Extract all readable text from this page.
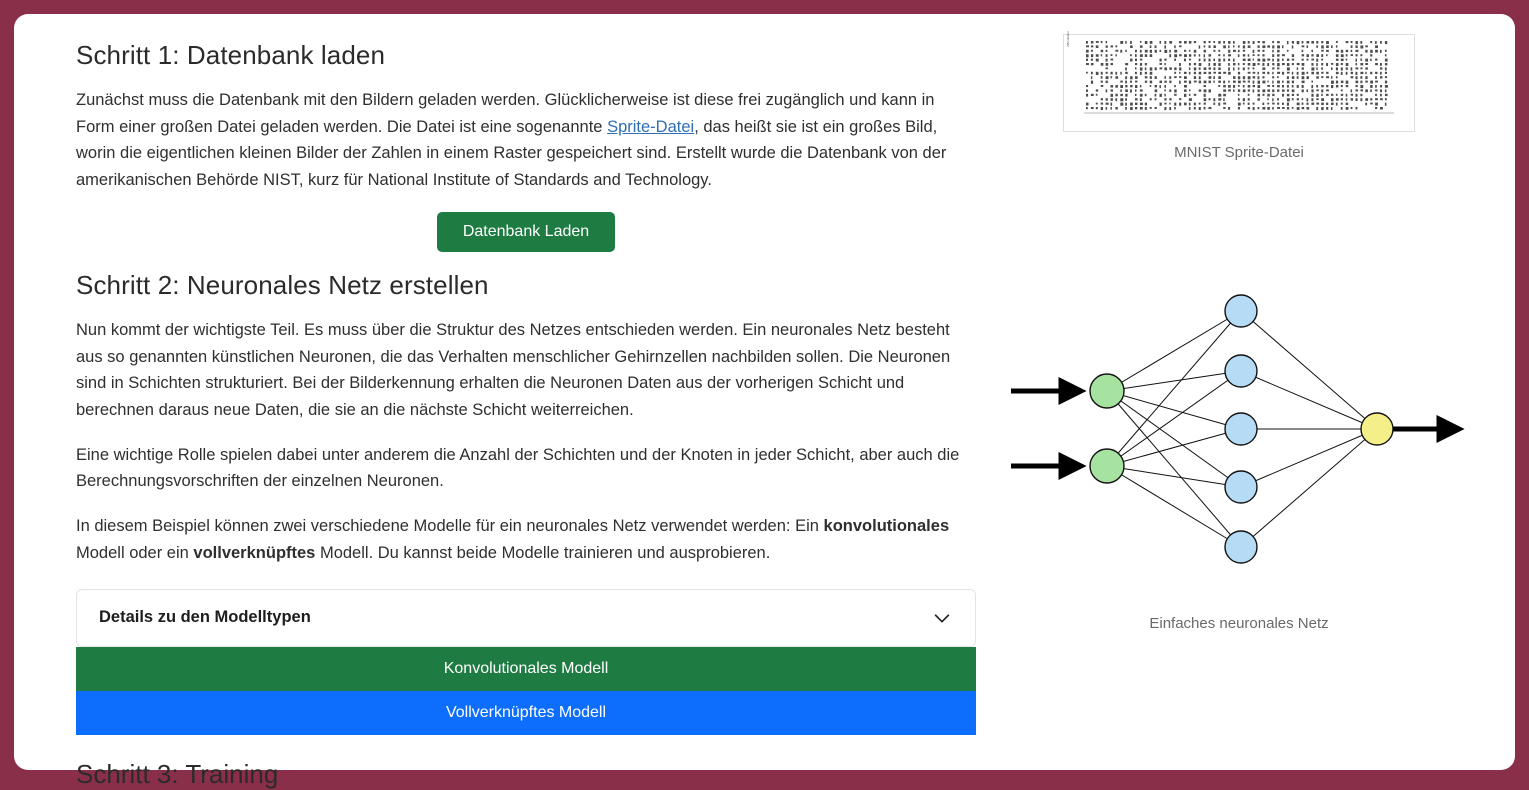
Schritt 1: Datenbank laden

Zunächst muss die Datenbank mit den Bildern geladen werden. Glücklicherweise ist diese frei zugänglich und kann in Form einer großen Datei geladen werden. Die Datei ist eine sogenannte Sprite-Datei, das heißt sie ist ein großes Bild, worin die eigentlichen kleinen Bilder der Zahlen in einem Raster gespeichert sind. Erstellt wurde die Datenbank von der amerikanischen Behörde NIST, kurz für National Institute of Standards and Technology.

Datenbank Laden
Schritt 2: Neuronales Netz erstellen

Nun kommt der wichtigste Teil. Es muss über die Struktur des Netzes entschieden werden. Ein neuronales Netz besteht aus so genannten künstlichen Neuronen, die das Verhalten menschlicher Gehirnzellen nachbilden sollen. Die Neuronen sind in Schichten strukturiert. Bei der Bilderkennung erhalten die Neuronen Daten aus der vorherigen Schicht und berechnen daraus neue Daten, die sie an die nächste Schicht weiterreichen.

Eine wichtige Rolle spielen dabei unter anderem die Anzahl der Schichten und der Knoten in jeder Schicht, aber auch die Berechnungsvorschriften der einzelnen Neuronen.

In diesem Beispiel können zwei verschiedene Modelle für ein neuronales Netz verwendet werden: Ein konvolutionales Modell oder ein vollverknüpftes Modell. Du kannst beide Modelle trainieren und ausprobieren.

Details zu den Modelltypen
Konvolutionales Modell
Vollverknüpftes Modell
Schritt 3: Training
Ziffernbilder
MNIST Sprite-Datei
Einfaches neuronales Netz
